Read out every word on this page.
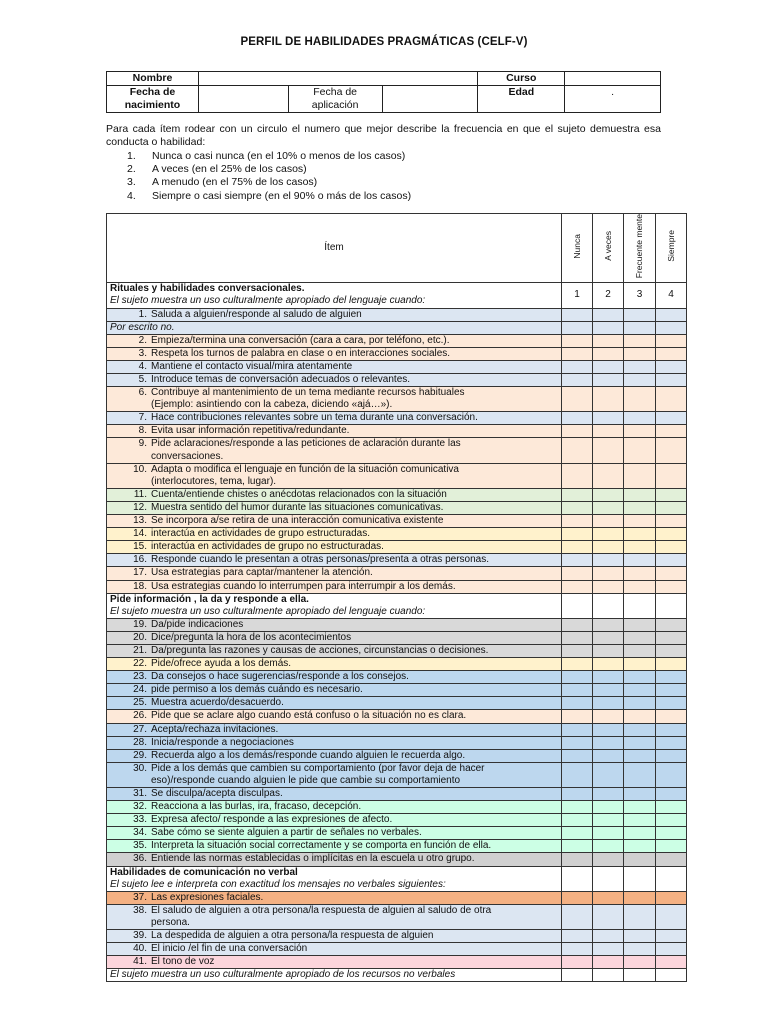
PERFIL DE HABILIDADES PRAGMÁTICAS (CELF-V)
Nombre				Curso	
Fecha de nacimiento		Fecha de aplicación		Edad	.
Para cada ítem rodear con un circulo el numero que mejor describe la frecuencia en que el sujeto demuestra esa conducta o habilidad:
1.	Nunca o casi nunca (en el 10% o menos de los casos)
2.	A veces (en el 25% de los casos)
3.	A menudo (en el 75% de los casos)
4.	Siempre o casi siempre (en el 90% o más de los casos)
Ítem	Nunca	A veces	Frecuente mente	Siempre

Rituales y habilidades conversacionales.
El sujeto muestra un uso culturalmente apropiado del lenguaje cuando:	1	2	3	4
1. Saluda a alguien/responde al saludo de alguien				
Por escrito no.				
2. Empieza/termina una conversación (cara a cara, por teléfono, etc.).				
3. Respeta los turnos de palabra en clase o en interacciones sociales.				
4. Mantiene el contacto visual/mira atentamente				
5. Introduce temas de conversación adecuados o relevantes.				
6. Contribuye al mantenimiento de un tema mediante recursos habituales
(Ejemplo: asintiendo con la cabeza, diciendo «ajá…»).				

7. Hace contribuciones relevantes sobre un tema durante una conversación.				
8. Evita usar información repetitiva/redundante.				
9. Pide aclaraciones/responde a las peticiones de aclaración durante las
conversaciones.				

10. Adapta o modifica el lenguaje en función de la situación comunicativa
(interlocutores, tema, lugar).				

11. Cuenta/entiende chistes o anécdotas relacionados con la situación				
12. Muestra sentido del humor durante las situaciones comunicativas.				
13. Se incorpora a/se retira de una interacción comunicativa existente				
14. interactúa en actividades de grupo estructuradas.				
15. interactúa en actividades de grupo no estructuradas.				
16. Responde cuando le presentan a otras personas/presenta a otras personas.				
17. Usa estrategias para captar/mantener la atención.				
18. Usa estrategias cuando lo interrumpen para interrumpir a los demás.				

Pide información , la da y responde a ella.
El sujeto muestra un uso culturalmente apropiado del lenguaje cuando:				

19. Da/pide indicaciones				
20. Dice/pregunta la hora de los acontecimientos				
21. Da/pregunta las razones y causas de acciones, circunstancias o decisiones.				
22. Pide/ofrece ayuda a los demás.				
23. Da consejos o hace sugerencias/responde a los consejos.				
24. pide permiso a los demás cuándo es necesario.				
25. Muestra acuerdo/desacuerdo.				
26. Pide que se aclare algo cuando está confuso o la situación no es clara.				
27. Acepta/rechaza invitaciones.				
28. Inicia/responde a negociaciones				
29. Recuerda algo a los demás/responde cuando alguien le recuerda algo.				
30. Pide a los demás que cambien su comportamiento (por favor deja de hacer
eso)/responde cuando alguien le pide que cambie su comportamiento				

31. Se disculpa/acepta disculpas.				
32. Reacciona a las burlas, ira, fracaso, decepción.				
33. Expresa afecto/ responde a las expresiones de afecto.				
34. Sabe cómo se siente alguien a partir de señales no verbales.				
35. Interpreta la situación social correctamente y se comporta en función de ella.				
36. Entiende las normas establecidas o implícitas en la escuela u otro grupo.				

Habilidades de comunicación no verbal
El sujeto lee e interpreta con exactitud los mensajes no verbales siguientes:				

37. Las expresiones faciales.				
38. El saludo de alguien a otra persona/la respuesta de alguien al saludo de otra
persona.				

39. La despedida de alguien a otra persona/la respuesta de alguien				
40. El inicio /el fin de una conversación				
41. El tono de voz				
El sujeto muestra un uso culturalmente apropiado de los recursos no verbales				
